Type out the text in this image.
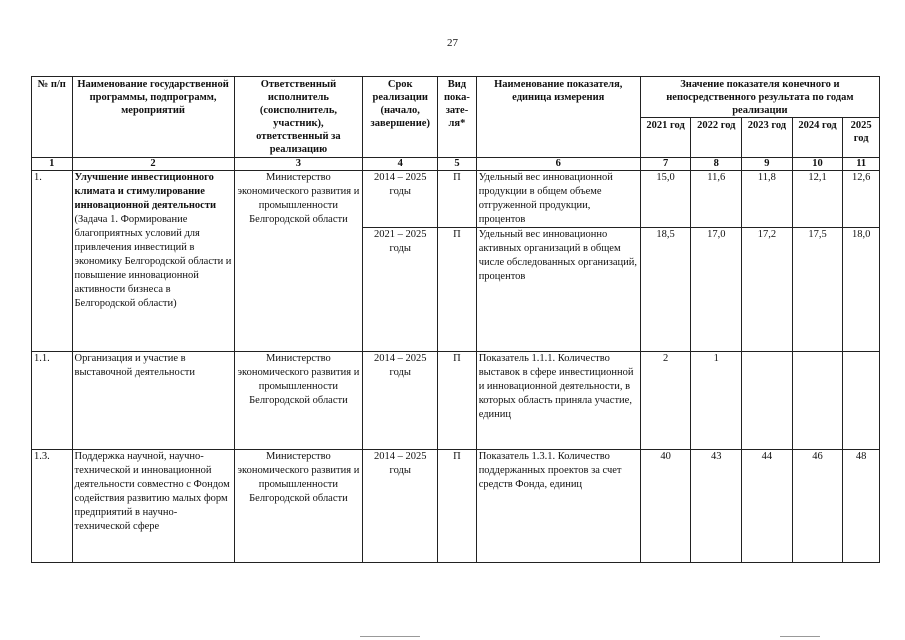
27
№ п/п	Наименование государственной программы, подпрограмм, мероприятий	Ответственный исполнитель (соисполнитель, участник), ответственный за реализацию	Срок реализации (начало, завершение)	Вид пока-зате-ля*	Наименование показателя, единица измерения	Значение показателя конечного и непосредственного результата по годам реализации				
						2021 год	2022 год	2023 год	2024 год	2025 год
1	2	3	4	5	6	7	8	9	10	11
1.	Улучшение инвестиционного климата и стимулирование инновационной деятельности (Задача 1. Формирование благоприятных условий для привлечения инвестиций в экономику Белгородской области и повышение инновационной активности бизнеса в Белгородской области)	Министерство экономического развития и промышленности Белгородской области	2014 – 2025 годы	П	Удельный вес инновационной продукции в общем объеме отгруженной продукции, процентов	15,0	11,6	11,8	12,1	12,6
			2021 – 2025 годы	П	Удельный вес инновационно активных организаций в общем числе обследованных организаций, процентов	18,5	17,0	17,2	17,5	18,0
1.1.	Организация и участие в выставочной деятельности	Министерство экономического развития и промышленности Белгородской области	2014 – 2025 годы	П	Показатель 1.1.1. Количество выставок в сфере инвестиционной и инновационной деятельности, в которых область приняла участие, единиц	2	1			
1.3.	Поддержка научной, научно-технической и инновационной деятельности совместно с Фондом содействия развитию малых форм предприятий в научно-технической сфере	Министерство экономического развития и промышленности Белгородской области	2014 – 2025 годы	П	Показатель 1.3.1. Количество поддержанных проектов за счет средств Фонда, единиц	40	43	44	46	48
